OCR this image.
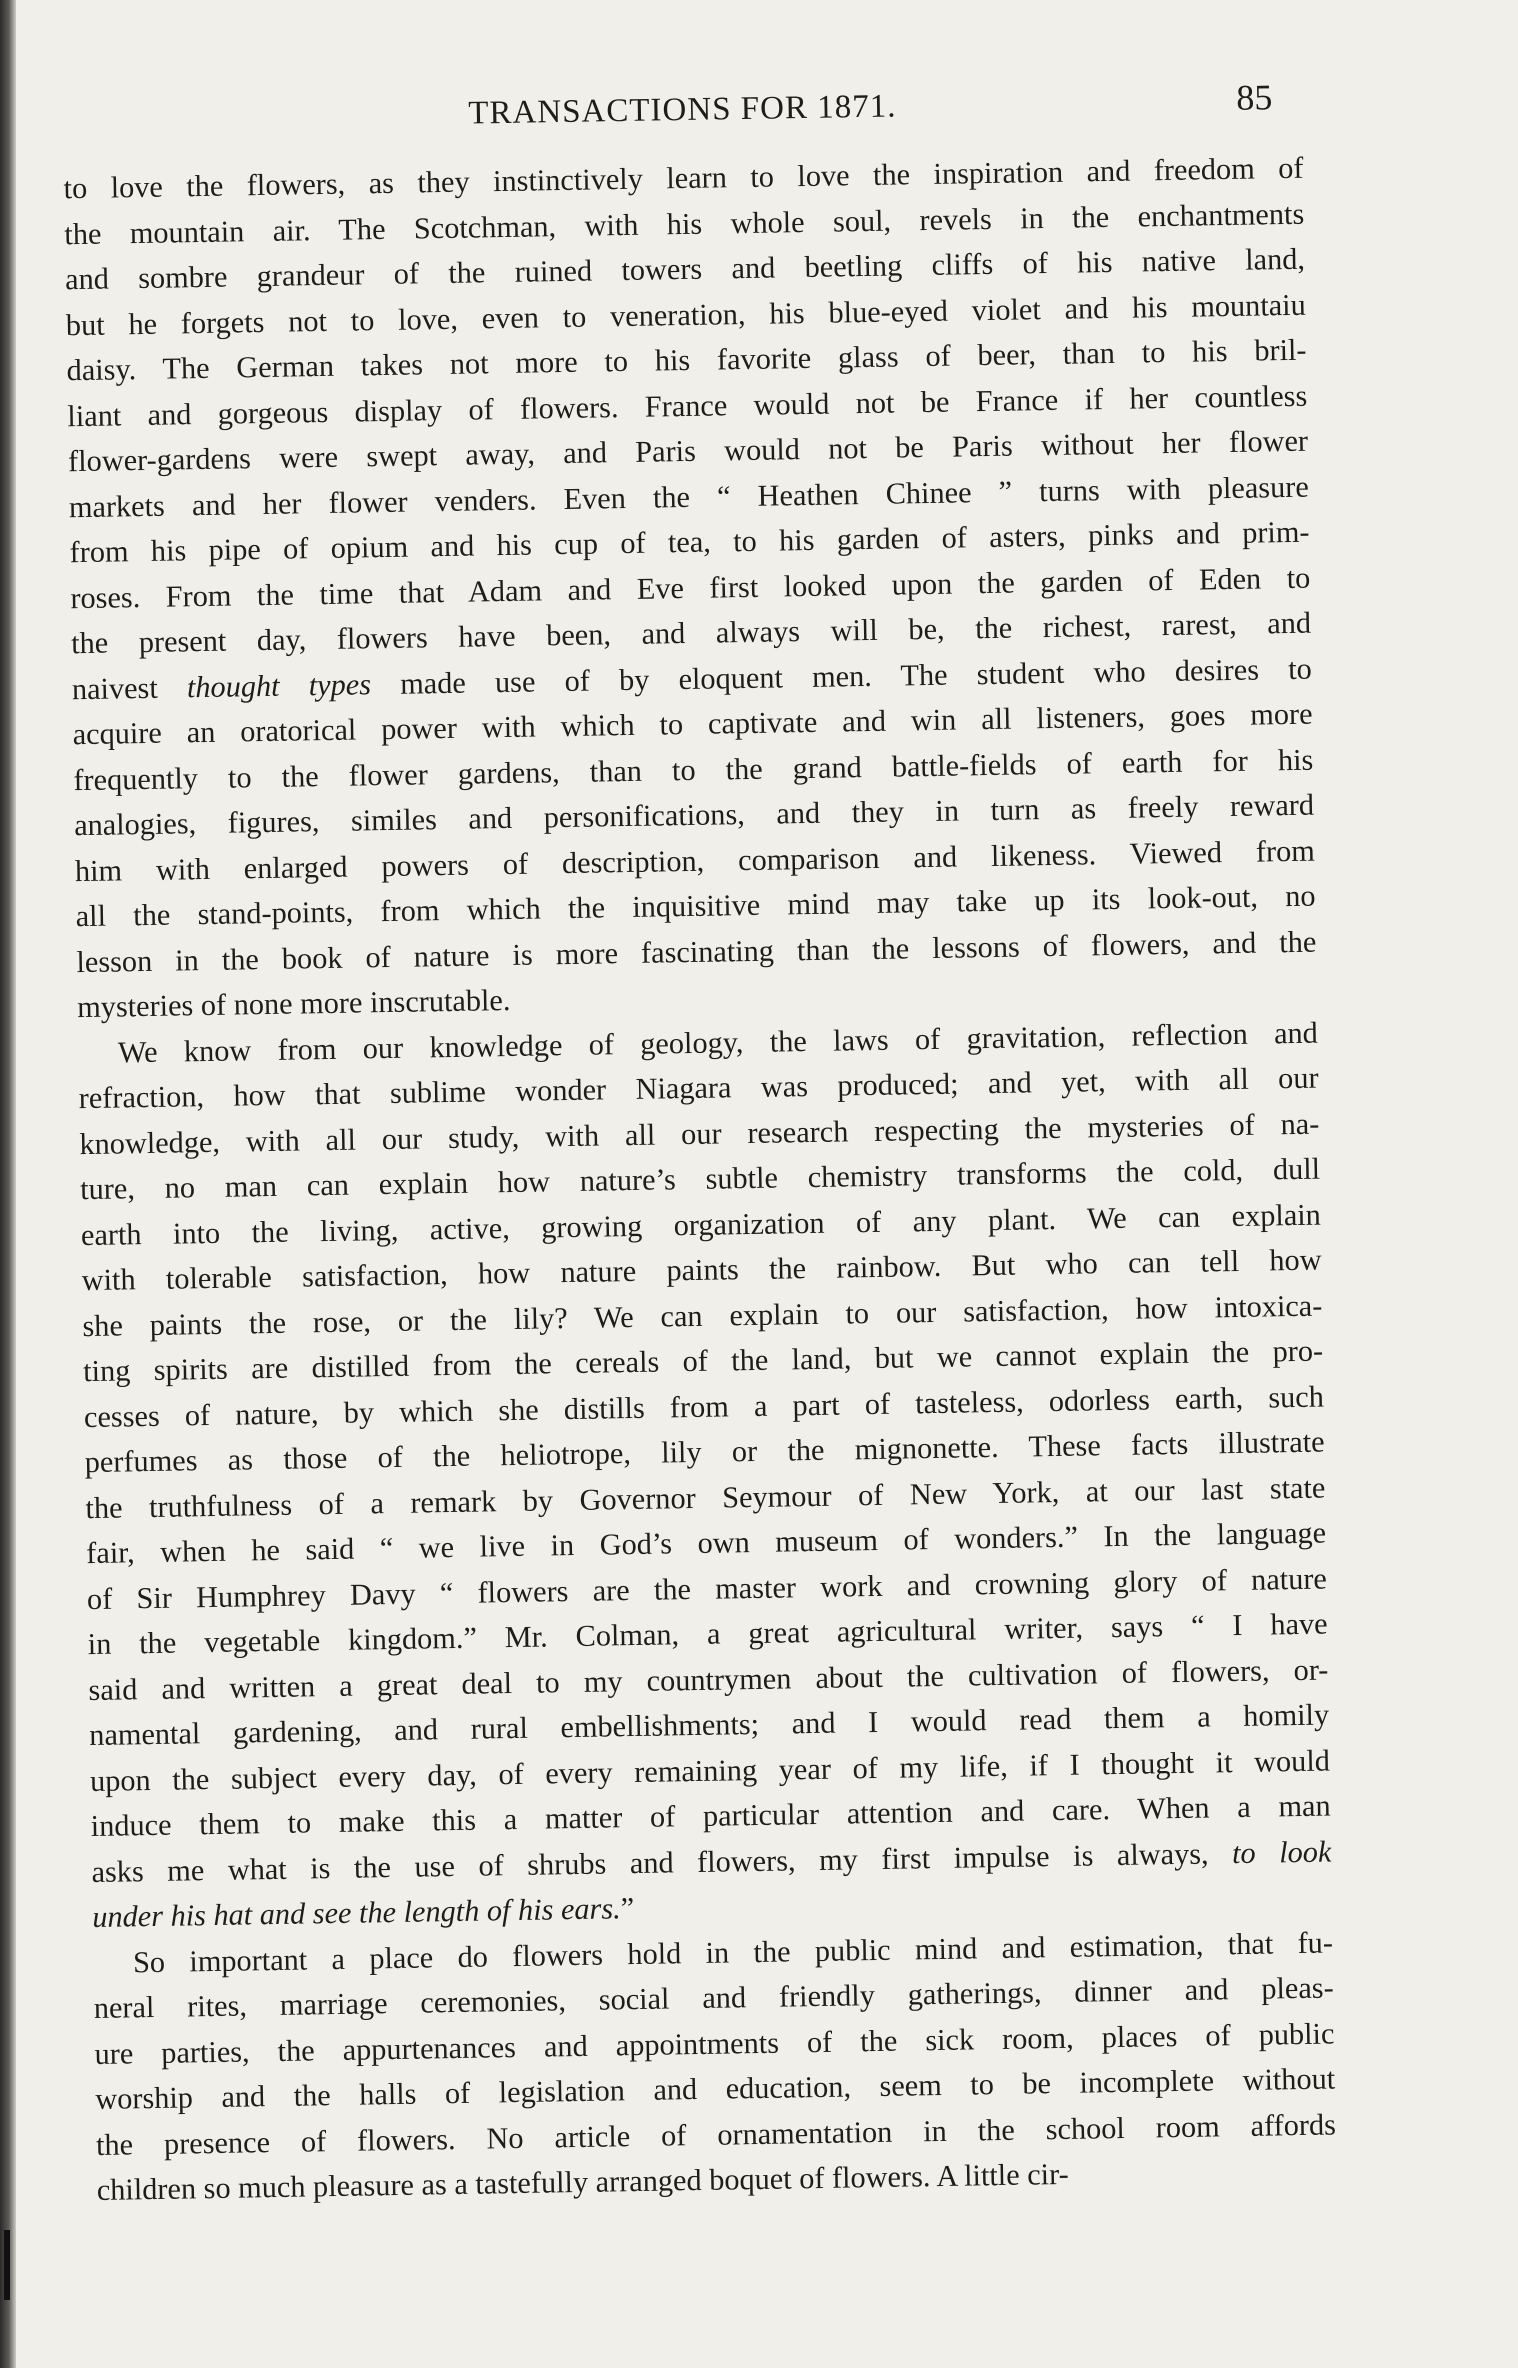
TRANSACTIONS FOR 1871.	85
to love the flowers, as they instinctively learn to love the inspiration and freedom of
the mountain air. The Scotchman, with his whole soul, revels in the enchantments
and sombre grandeur of the ruined towers and beetling cliffs of his native land,
but he forgets not to love, even to veneration, his blue-eyed violet and his mountaiu
daisy. The German takes not more to his favorite glass of beer, than to his bril-
liant and gorgeous display of flowers. France would not be France if her countless
flower-gardens were swept away, and Paris would not be Paris without her flower
markets and her flower venders. Even the “ Heathen Chinee ” turns with pleasure
from his pipe of opium and his cup of tea, to his garden of asters, pinks and prim-
roses. From the time that Adam and Eve first looked upon the garden of Eden to
the present day, flowers have been, and always will be, the richest, rarest, and
naivest thought types made use of by eloquent men. The student who desires to
acquire an oratorical power with which to captivate and win all listeners, goes more
frequently to the flower gardens, than to the grand battle-fields of earth for his
analogies, figures, similes and personifications, and they in turn as freely reward
him with enlarged powers of description, comparison and likeness. Viewed from
all the stand-points, from which the inquisitive mind may take up its look-out, no
lesson in the book of nature is more fascinating than the lessons of flowers, and the
mysteries of none more inscrutable.
We know from our knowledge of geology, the laws of gravitation, reflection and
refraction, how that sublime wonder Niagara was produced; and yet, with all our
knowledge, with all our study, with all our research respecting the mysteries of na-
ture, no man can explain how nature’s subtle chemistry transforms the cold, dull
earth into the living, active, growing organization of any plant. We can explain
with tolerable satisfaction, how nature paints the rainbow. But who can tell how
she paints the rose, or the lily? We can explain to our satisfaction, how intoxica-
ting spirits are distilled from the cereals of the land, but we cannot explain the pro-
cesses of nature, by which she distills from a part of tasteless, odorless earth, such
perfumes as those of the heliotrope, lily or the mignonette. These facts illustrate
the truthfulness of a remark by Governor Seymour of New York, at our last state
fair, when he said “ we live in God’s own museum of wonders.” In the language
of Sir Humphrey Davy “ flowers are the master work and crowning glory of nature
in the vegetable kingdom.” Mr. Colman, a great agricultural writer, says “ I have
said and written a great deal to my countrymen about the cultivation of flowers, or-
namental gardening, and rural embellishments; and I would read them a homily
upon the subject every day, of every remaining year of my life, if I thought it would
induce them to make this a matter of particular attention and care. When a man
asks me what is the use of shrubs and flowers, my first impulse is always, to look
under his hat and see the length of his ears.”
So important a place do flowers hold in the public mind and estimation, that fu-
neral rites, marriage ceremonies, social and friendly gatherings, dinner and pleas-
ure parties, the appurtenances and appointments of the sick room, places of public
worship and the halls of legislation and education, seem to be incomplete without
the presence of flowers. No article of ornamentation in the school room affords
children so much pleasure as a tastefully arranged boquet of flowers. A little cir-
